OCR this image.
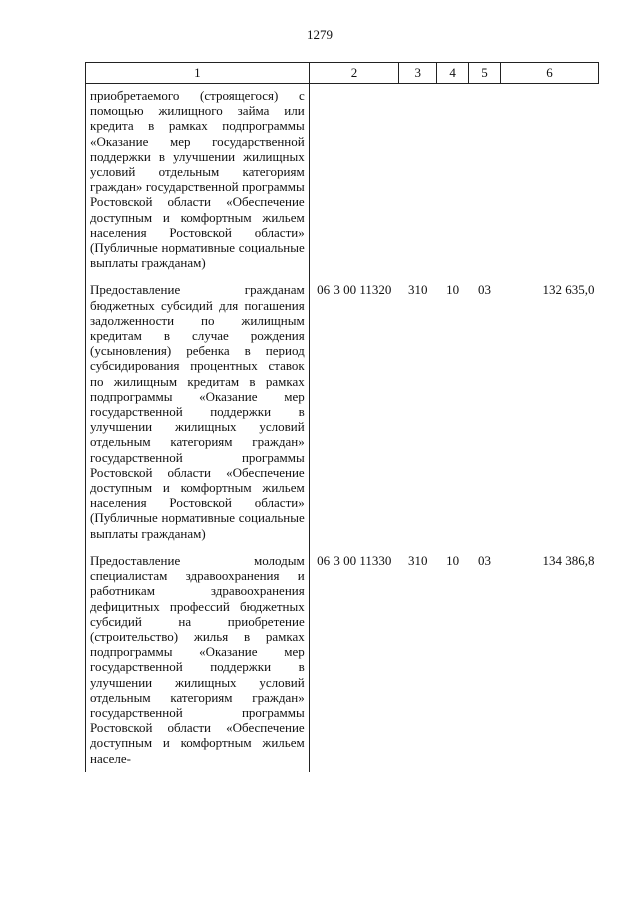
1279
1	2	3	4	5	6
приобретаемого (строящегося) с помощью жилищного займа или кредита в рамках подпрограммы «Оказание мер государственной поддержки в улучшении жилищных условий отдельным категориям граждан» государственной программы Ростовской области «Обеспечение доступным и комфортным жильем населения Ростовской области» (Публичные нормативные социальные выплаты гражданам)					
Предоставление гражданам бюджетных субсидий для погашения задолженности по жилищным кредитам в случае рождения (усыновления) ребенка в период субсидирования процентных ставок по жилищным кредитам в рамках подпрограммы «Оказание мер государственной поддержки в улучшении жилищных условий отдельным категориям граждан» государственной программы Ростовской области «Обеспечение доступным и комфортным жильем населения Ростовской области» (Публичные нормативные социальные выплаты гражданам)	06 3 00 11320	310	10	03	132 635,0
Предоставление молодым специалистам здравоохранения и работникам здравоохранения дефицитных профессий бюджетных субсидий на приобретение (строительство) жилья в рамках подпрограммы «Оказание мер государственной поддержки в улучшении жилищных условий отдельным категориям граждан» государственной программы Ростовской области «Обеспечение доступным и комфортным жильем населе-	06 3 00 11330	310	10	03	134 386,8
